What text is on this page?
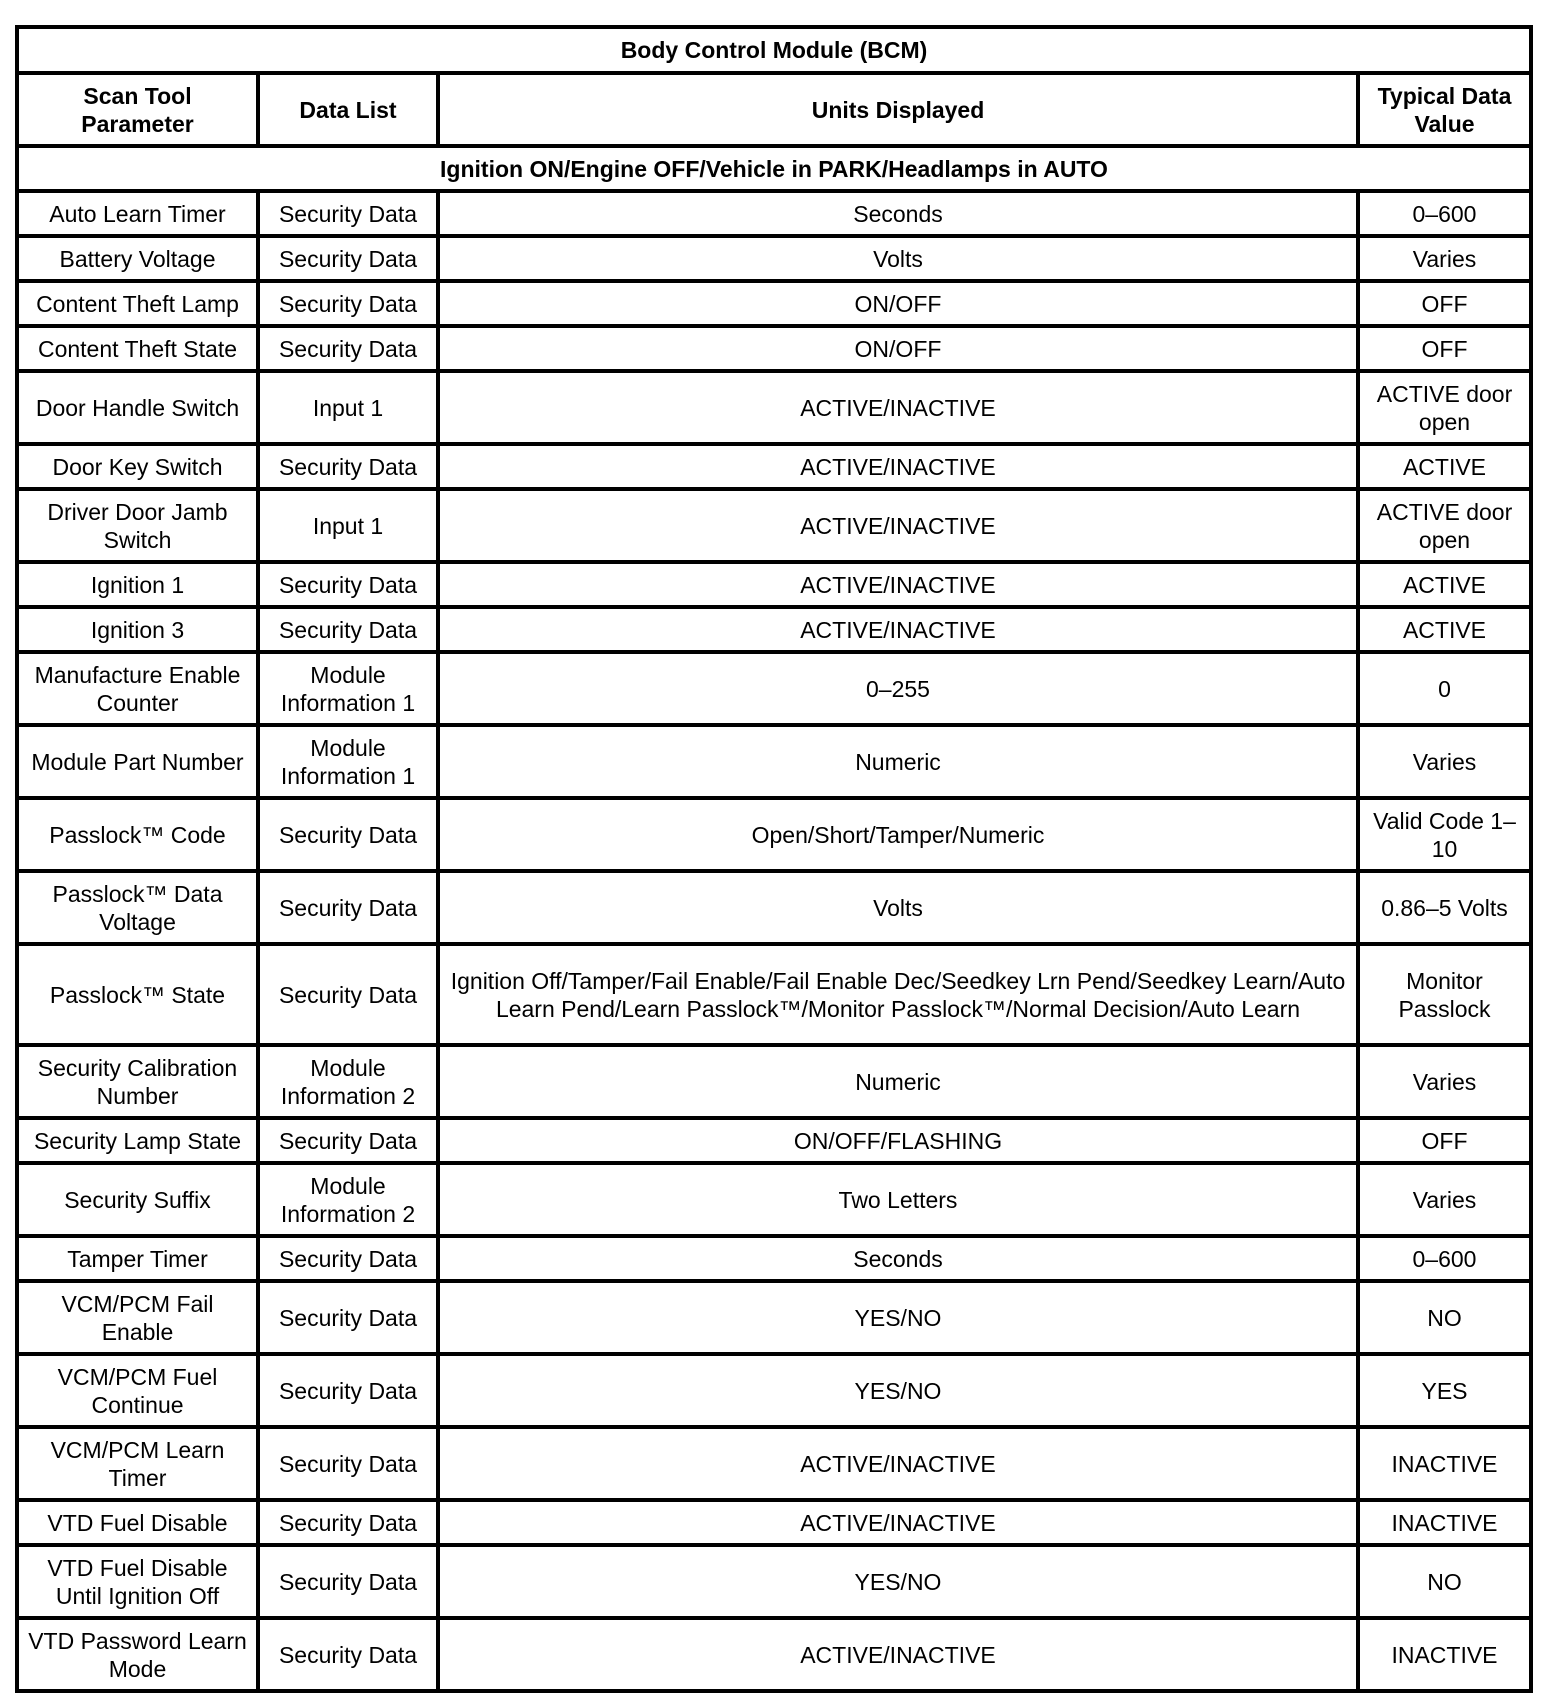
Body Control Module (BCM)			
Scan Tool Parameter	Data List	Units Displayed	Typical Data Value
Ignition ON/Engine OFF/Vehicle in PARK/Headlamps in AUTO			
Auto Learn Timer	Security Data	Seconds	0–600
Battery Voltage	Security Data	Volts	Varies
Content Theft Lamp	Security Data	ON/OFF	OFF
Content Theft State	Security Data	ON/OFF	OFF
Door Handle Switch	Input 1	ACTIVE/INACTIVE	ACTIVE door open
Door Key Switch	Security Data	ACTIVE/INACTIVE	ACTIVE
Driver Door Jamb Switch	Input 1	ACTIVE/INACTIVE	ACTIVE door open
Ignition 1	Security Data	ACTIVE/INACTIVE	ACTIVE
Ignition 3	Security Data	ACTIVE/INACTIVE	ACTIVE
Manufacture Enable Counter	Module Information 1	0–255	0
Module Part Number	Module Information 1	Numeric	Varies
Passlock™ Code	Security Data	Open/Short/Tamper/Numeric	Valid Code 1–10
Passlock™ Data Voltage	Security Data	Volts	0.86–5 Volts
Passlock™ State	Security Data	Ignition Off/Tamper/Fail Enable/Fail Enable Dec/Seedkey Lrn Pend/Seedkey Learn/Auto Learn Pend/Learn Passlock™/Monitor Passlock™/Normal Decision/Auto Learn	Monitor Passlock
Security Calibration Number	Module Information 2	Numeric	Varies
Security Lamp State	Security Data	ON/OFF/FLASHING	OFF
Security Suffix	Module Information 2	Two Letters	Varies
Tamper Timer	Security Data	Seconds	0–600
VCM/PCM Fail Enable	Security Data	YES/NO	NO
VCM/PCM Fuel Continue	Security Data	YES/NO	YES
VCM/PCM Learn Timer	Security Data	ACTIVE/INACTIVE	INACTIVE
VTD Fuel Disable	Security Data	ACTIVE/INACTIVE	INACTIVE
VTD Fuel Disable Until Ignition Off	Security Data	YES/NO	NO
VTD Password Learn Mode	Security Data	ACTIVE/INACTIVE	INACTIVE
